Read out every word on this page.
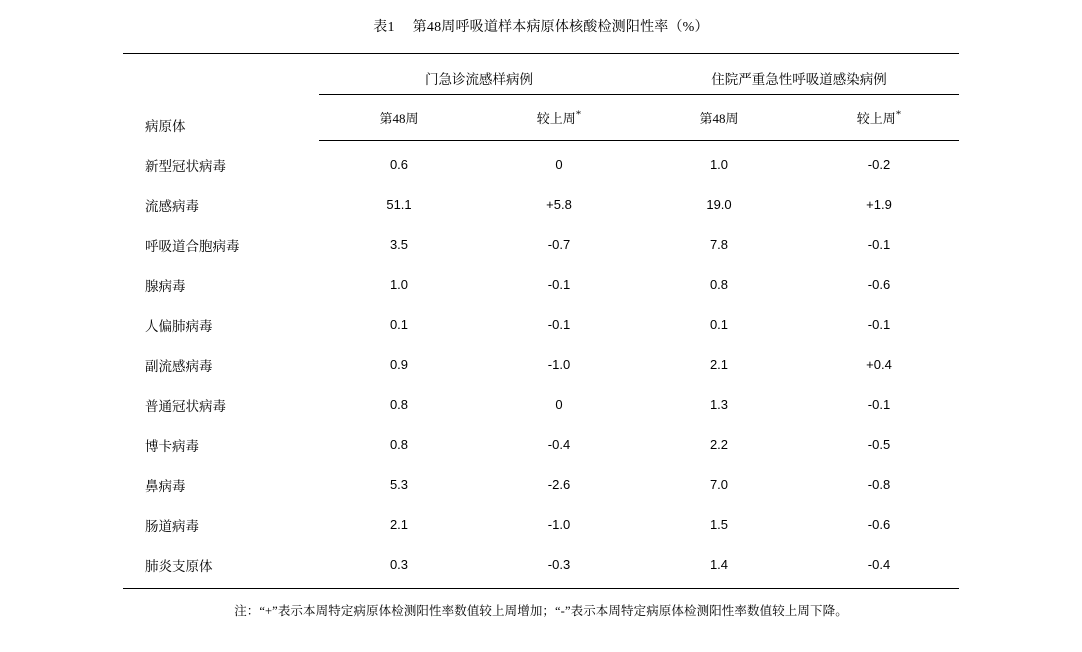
表1 第48周呼吸道样本病原体核酸检测阳性率（%）
病原体	门急诊流感样病例		住院严重急性呼吸道感染病例	
	第48周	较上周*	第48周	较上周*
新型冠状病毒	0.6	0	1.0	-0.2
流感病毒	51.1	+5.8	19.0	+1.9
呼吸道合胞病毒	3.5	-0.7	7.8	-0.1
腺病毒	1.0	-0.1	0.8	-0.6
人偏肺病毒	0.1	-0.1	0.1	-0.1
副流感病毒	0.9	-1.0	2.1	+0.4
普通冠状病毒	0.8	0	1.3	-0.1
博卡病毒	0.8	-0.4	2.2	-0.5
鼻病毒	5.3	-2.6	7.0	-0.8
肠道病毒	2.1	-1.0	1.5	-0.6
肺炎支原体	0.3	-0.3	1.4	-0.4
注：“+”表示本周特定病原体检测阳性率数值较上周增加；“-”表示本周特定病原体检测阳性率数值较上周下降。
